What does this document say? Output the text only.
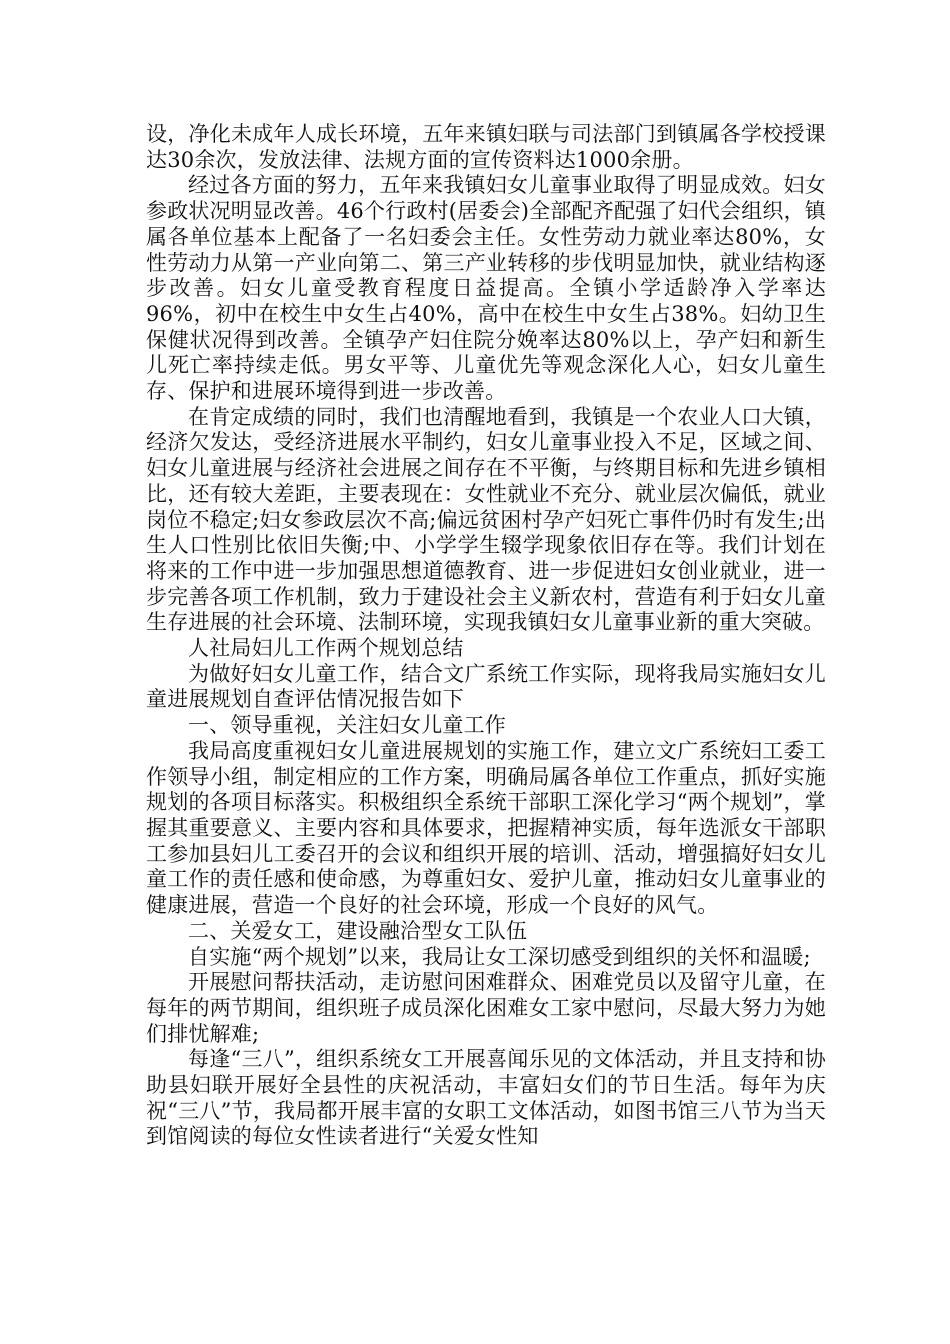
设，净化未成年人成长环境，五年来镇妇联与司法部门到镇属各学校授课达30余次，发放法律、法规方面的宣传资料达1000余册。

经过各方面的努力，五年来我镇妇女儿童事业取得了明显成效。妇女参政状况明显改善。46个行政村(居委会)全部配齐配强了妇代会组织，镇属各单位基本上配备了一名妇委会主任。女性劳动力就业率达80%，女性劳动力从第一产业向第二、第三产业转移的步伐明显加快，就业结构逐步改善。妇女儿童受教育程度日益提高。全镇小学适龄净入学率达96%，初中在校生中女生占40%，高中在校生中女生占38%。妇幼卫生保健状况得到改善。全镇孕产妇住院分娩率达80%以上，孕产妇和新生儿死亡率持续走低。男女平等、儿童优先等观念深化人心，妇女儿童生存、保护和进展环境得到进一步改善。

在肯定成绩的同时，我们也清醒地看到，我镇是一个农业人口大镇，经济欠发达，受经济进展水平制约，妇女儿童事业投入不足，区域之间、妇女儿童进展与经济社会进展之间存在不平衡，与终期目标和先进乡镇相比，还有较大差距，主要表现在：女性就业不充分、就业层次偏低，就业岗位不稳定;妇女参政层次不高;偏远贫困村孕产妇死亡事件仍时有发生;出生人口性别比依旧失衡;中、小学学生辍学现象依旧存在等。我们计划在将来的工作中进一步加强思想道德教育、进一步促进妇女创业就业，进一步完善各项工作机制，致力于建设社会主义新农村，营造有利于妇女儿童生存进展的社会环境、法制环境，实现我镇妇女儿童事业新的重大突破。

人社局妇儿工作两个规划总结

为做好妇女儿童工作，结合文广系统工作实际，现将我局实施妇女儿童进展规划自查评估情况报告如下

一、领导重视，关注妇女儿童工作

我局高度重视妇女儿童进展规划的实施工作，建立文广系统妇工委工作领导小组，制定相应的工作方案，明确局属各单位工作重点，抓好实施规划的各项目标落实。积极组织全系统干部职工深化学习“两个规划”，掌握其重要意义、主要内容和具体要求，把握精神实质，每年选派女干部职工参加县妇儿工委召开的会议和组织开展的培训、活动，增强搞好妇女儿童工作的责任感和使命感，为尊重妇女、爱护儿童，推动妇女儿童事业的健康进展，营造一个良好的社会环境，形成一个良好的风气。

二、关爱女工，建设融洽型女工队伍

自实施“两个规划”以来，我局让女工深切感受到组织的关怀和温暖;

开展慰问帮扶活动，走访慰问困难群众、困难党员以及留守儿童，在每年的两节期间，组织班子成员深化困难女工家中慰问，尽最大努力为她们排忧解难;

每逢“三八”，组织系统女工开展喜闻乐见的文体活动，并且支持和协助县妇联开展好全县性的庆祝活动，丰富妇女们的节日生活。每年为庆祝“三八”节，我局都开展丰富的女职工文体活动，如图书馆三八节为当天到馆阅读的每位女性读者进行“关爱女性知
